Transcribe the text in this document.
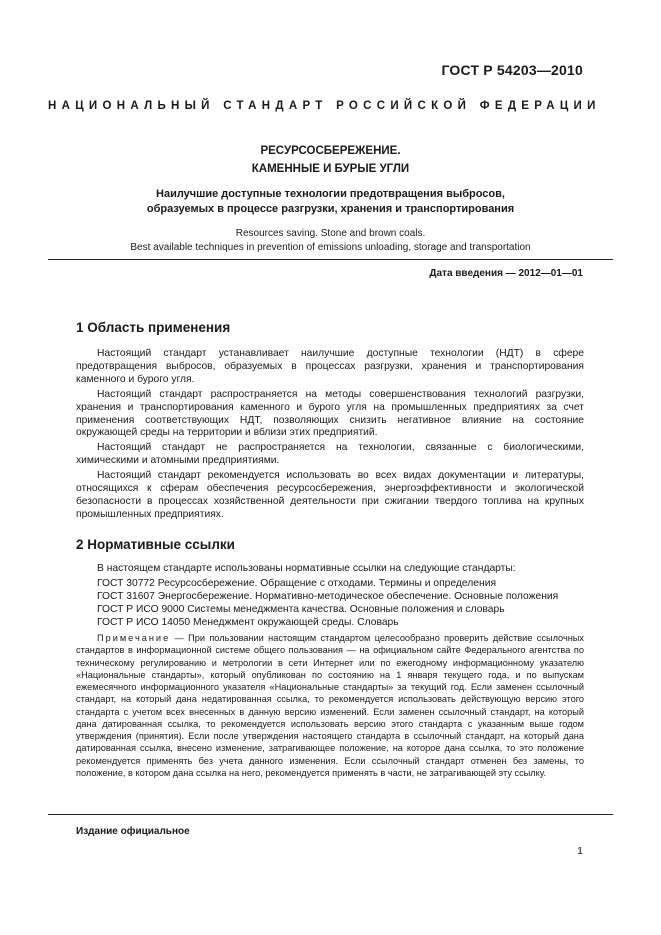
ГОСТ Р 54203—2010
НАЦИОНАЛЬНЫЙ СТАНДАРТ РОССИЙСКОЙ ФЕДЕРАЦИИ
РЕСУРСОСБЕРЕЖЕНИЕ.
КАМЕННЫЕ И БУРЫЕ УГЛИ
Наилучшие доступные технологии предотвращения выбросов,
образуемых в процессе разгрузки, хранения и транспортирования
Resources saving. Stone and brown coals.
Best available techniques in prevention of emissions unloading, storage and transportation
Дата введения — 2012—01—01
1 Область применения

Настоящий стандарт устанавливает наилучшие доступные технологии (НДТ) в сфере предотвращения выбросов, образуемых в процессах разгрузки, хранения и транспортирования каменного и бурого угля.

Настоящий стандарт распространяется на методы совершенствования технологий разгрузки, хранения и транспортирования каменного и бурого угля на промышленных предприятиях за счет применения соответствующих НДТ, позволяющих снизить негативное влияние на состояние окружающей среды на территории и вблизи этих предприятий.

Настоящий стандарт не распространяется на технологии, связанные с биологическими, химическими и атомными предприятиями.

Настоящий стандарт рекомендуется использовать во всех видах документации и литературы, относящихся к сферам обеспечения ресурсосбережения, энергоэффективности и экологической безопасности в процессах хозяйственной деятельности при сжигании твердого топлива на крупных промышленных предприятиях.

2 Нормативные ссылки

В настоящем стандарте использованы нормативные ссылки на следующие стандарты:

ГОСТ 30772 Ресурсосбережение. Обращение с отходами. Термины и определения

ГОСТ 31607 Энергосбережение. Нормативно-методическое обеспечение. Основные положения

ГОСТ Р ИСО 9000 Системы менеджмента качества. Основные положения и словарь

ГОСТ Р ИСО 14050 Менеджмент окружающей среды. Словарь

Примечание — При пользовании настоящим стандартом целесообразно проверить действие ссылочных стандартов в информационной системе общего пользования — на официальном сайте Федерального агентства по техническому регулированию и метрологии в сети Интернет или по ежегодному информационному указателю «Национальные стандарты», который опубликован по состоянию на 1 января текущего года, и по выпускам ежемесячного информационного указателя «Национальные стандарты» за текущий год. Если заменен ссылочный стандарт, на который дана недатированная ссылка, то рекомендуется использовать действующую версию этого стандарта с учетом всех внесенных в данную версию изменений. Если заменен ссылочный стандарт, на который дана датированная ссылка, то рекомендуется использовать версию этого стандарта с указанным выше годом утверждения (принятия). Если после утверждения настоящего стандарта в ссылочный стандарт, на который дана датированная ссылка, внесено изменение, затрагивающее положение, на которое дана ссылка, то это положение рекомендуется применять без учета данного изменения. Если ссылочный стандарт отменен без замены, то положение, в котором дана ссылка на него, рекомендуется применять в части, не затрагивающей эту ссылку.
Издание официальное
1
